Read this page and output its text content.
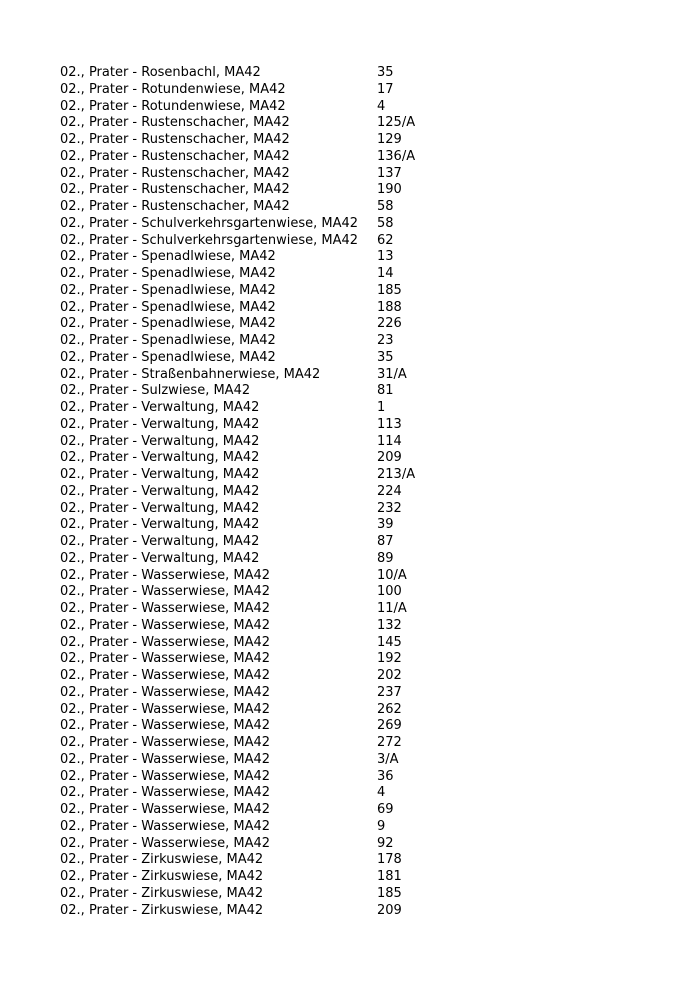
02., Prater - Rosenbachl, MA42	35
02., Prater - Rotundenwiese, MA42	17
02., Prater - Rotundenwiese, MA42	4
02., Prater - Rustenschacher, MA42	125/A
02., Prater - Rustenschacher, MA42	129
02., Prater - Rustenschacher, MA42	136/A
02., Prater - Rustenschacher, MA42	137
02., Prater - Rustenschacher, MA42	190
02., Prater - Rustenschacher, MA42	58
02., Prater - Schulverkehrsgartenwiese, MA42	58
02., Prater - Schulverkehrsgartenwiese, MA42	62
02., Prater - Spenadlwiese, MA42	13
02., Prater - Spenadlwiese, MA42	14
02., Prater - Spenadlwiese, MA42	185
02., Prater - Spenadlwiese, MA42	188
02., Prater - Spenadlwiese, MA42	226
02., Prater - Spenadlwiese, MA42	23
02., Prater - Spenadlwiese, MA42	35
02., Prater - Straßenbahnerwiese, MA42	31/A
02., Prater - Sulzwiese, MA42	81
02., Prater - Verwaltung, MA42	1
02., Prater - Verwaltung, MA42	113
02., Prater - Verwaltung, MA42	114
02., Prater - Verwaltung, MA42	209
02., Prater - Verwaltung, MA42	213/A
02., Prater - Verwaltung, MA42	224
02., Prater - Verwaltung, MA42	232
02., Prater - Verwaltung, MA42	39
02., Prater - Verwaltung, MA42	87
02., Prater - Verwaltung, MA42	89
02., Prater - Wasserwiese, MA42	10/A
02., Prater - Wasserwiese, MA42	100
02., Prater - Wasserwiese, MA42	11/A
02., Prater - Wasserwiese, MA42	132
02., Prater - Wasserwiese, MA42	145
02., Prater - Wasserwiese, MA42	192
02., Prater - Wasserwiese, MA42	202
02., Prater - Wasserwiese, MA42	237
02., Prater - Wasserwiese, MA42	262
02., Prater - Wasserwiese, MA42	269
02., Prater - Wasserwiese, MA42	272
02., Prater - Wasserwiese, MA42	3/A
02., Prater - Wasserwiese, MA42	36
02., Prater - Wasserwiese, MA42	4
02., Prater - Wasserwiese, MA42	69
02., Prater - Wasserwiese, MA42	9
02., Prater - Wasserwiese, MA42	92
02., Prater - Zirkuswiese, MA42	178
02., Prater - Zirkuswiese, MA42	181
02., Prater - Zirkuswiese, MA42	185
02., Prater - Zirkuswiese, MA42	209
